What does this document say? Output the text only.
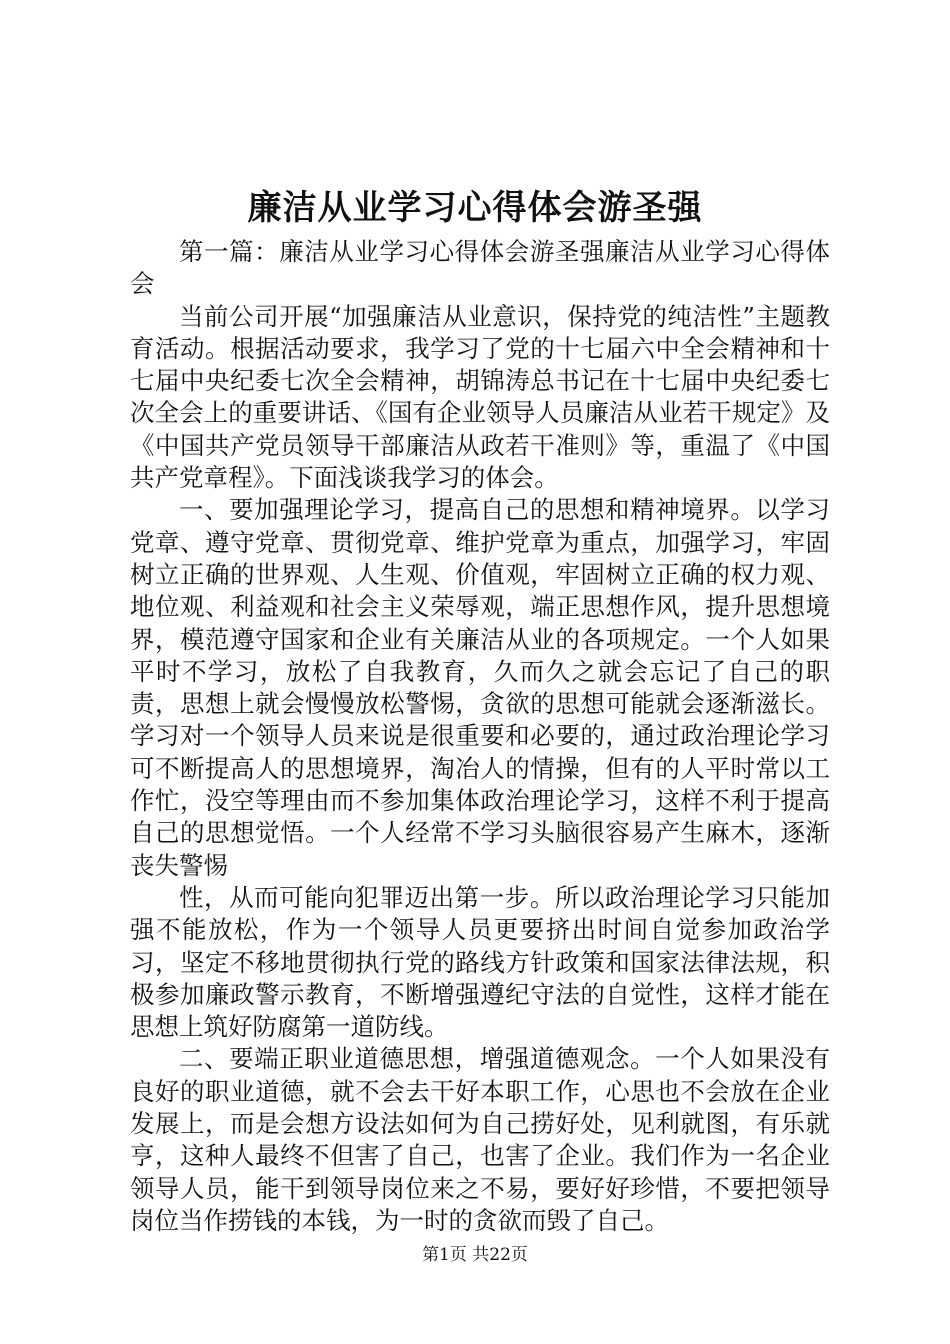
廉洁从业学习心得体会游圣强

第一篇：廉洁从业学习心得体会游圣强廉洁从业学习心得体会

当前公司开展“加强廉洁从业意识，保持党的纯洁性”主题教育活动。根据活动要求，我学习了党的十七届六中全会精神和十七届中央纪委七次全会精神，胡锦涛总书记在十七届中央纪委七次全会上的重要讲话、《国有企业领导人员廉洁从业若干规定》及《中国共产党员领导干部廉洁从政若干准则》等，重温了《中国共产党章程》。下面浅谈我学习的体会。

一、要加强理论学习，提高自己的思想和精神境界。以学习党章、遵守党章、贯彻党章、维护党章为重点，加强学习，牢固树立正确的世界观、人生观、价值观，牢固树立正确的权力观、地位观、利益观和社会主义荣辱观，端正思想作风，提升思想境界，模范遵守国家和企业有关廉洁从业的各项规定。一个人如果平时不学习，放松了自我教育，久而久之就会忘记了自己的职责，思想上就会慢慢放松警惕，贪欲的思想可能就会逐渐滋长。学习对一个领导人员来说是很重要和必要的，通过政治理论学习可不断提高人的思想境界，淘冶人的情操，但有的人平时常以工作忙，没空等理由而不参加集体政治理论学习，这样不利于提高自己的思想觉悟。一个人经常不学习头脑很容易产生麻木，逐渐丧失警惕

性，从而可能向犯罪迈出第一步。所以政治理论学习只能加强不能放松，作为一个领导人员更要挤出时间自觉参加政治学习，坚定不移地贯彻执行党的路线方针政策和国家法律法规，积极参加廉政警示教育，不断增强遵纪守法的自觉性，这样才能在思想上筑好防腐第一道防线。

二、要端正职业道德思想，增强道德观念。一个人如果没有良好的职业道德，就不会去干好本职工作，心思也不会放在企业发展上，而是会想方设法如何为自己捞好处，见利就图，有乐就亨，这种人最终不但害了自己，也害了企业。我们作为一名企业领导人员，能干到领导岗位来之不易，要好好珍惜，不要把领导岗位当作捞钱的本钱，为一时的贪欲而毁了自己。

第1页 共22页
